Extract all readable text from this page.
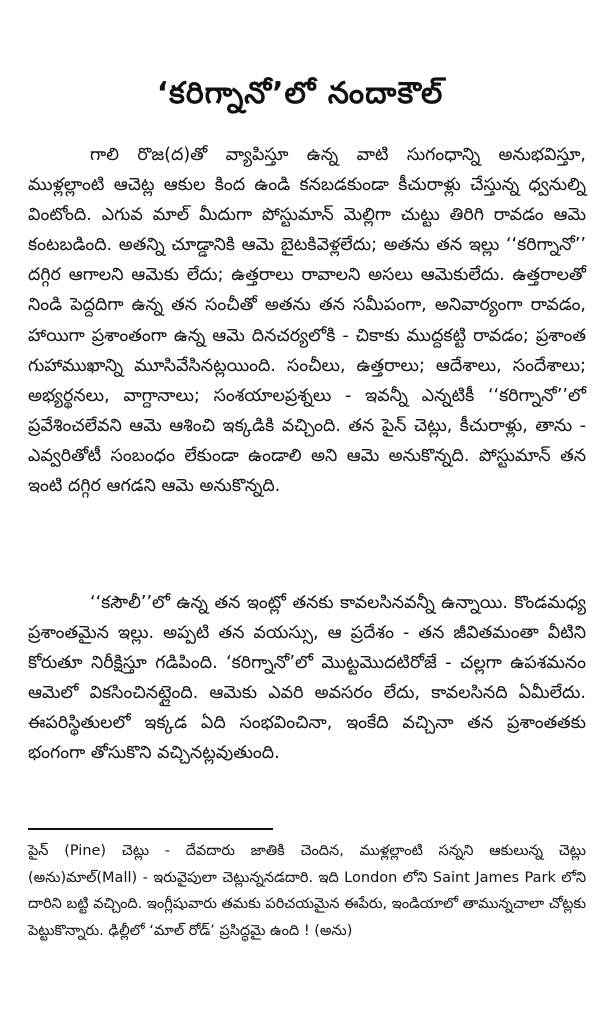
‘కరిగ్నానో’లో నందాకౌల్

గాలి రొజ(ద)తో వ్యాపిస్తూ ఉన్న వాటి సుగంధాన్ని అనుభవిస్తూ, ముళ్లల్లాంటి ఆచెట్ల ఆకుల కింద ఉండి కనబడకుండా కీచురాళ్లు చేస్తున్న ధ్వనుల్ని వింటోంది. ఎగువ మాల్ మీదుగా పోస్టుమాన్ మెల్లిగా చుట్టు తిరిగి రావడం ఆమె కంటబడింది. అతన్ని చూడ్డానికి ఆమె బైటకివెళ్లలేదు; అతను తన ఇల్లు ‘‘కరిగ్నానో’’ దగ్గిర ఆగాలని ఆమెకు లేదు; ఉత్తరాలు రావాలని అసలు ఆమెకులేదు. ఉత్తరాలతో నిండి పెద్దదిగా ఉన్న తన సంచీతో అతను తన సమీపంగా, అనివార్యంగా రావడం, హాయిగా ప్రశాంతంగా ఉన్న ఆమె దినచర్యలోకి - చికాకు ముద్దకట్టి రావడం; ప్రశాంత గుహాముఖాన్ని మూసివేసినట్లయింది. సంచీలు, ఉత్తరాలు; ఆదేశాలు, సందేశాలు; అభ్యర్థనలు, వాగ్దానాలు; సంశయాలప్రశ్నలు - ఇవన్నీ ఎన్నటికీ ‘‘కరిగ్నానో’’లో ప్రవేశించలేవని ఆమె ఆశించి ఇక్కడికి వచ్చింది. తన పైన్ చెట్లు, కీచురాళ్లు, తాను - ఎవ్వరితోటీ సంబంధం లేకుండా ఉండాలి అని ఆమె అనుకొన్నది. పోస్టుమాన్ తన ఇంటి దగ్గిర ఆగడని ఆమె అనుకొన్నది.

‘‘కసౌలీ’’లో ఉన్న తన ఇంట్లో తనకు కావలసినవన్నీ ఉన్నాయి. కొండమధ్య ప్రశాంతమైన ఇల్లు. అప్పటి తన వయస్సు, ఆ ప్రదేశం - తన జీవితమంతా వీటిని కోరుతూ నిరీక్షిస్తూ గడిపింది. ‘కరిగ్నానో’లో మొట్టమొదటిరోజే - చల్లగా ఉపశమనం ఆమెలో వికసించినట్లైంది. ఆమెకు ఎవరి అవసరం లేదు, కావలసినది ఏమీలేదు. ఈపరిస్థితులలో ఇక్కడ ఏది సంభవించినా, ఇంకేది వచ్చినా తన ప్రశాంతతకు భంగంగా తోసుకొని వచ్చినట్లవుతుంది.

పైన్ (Pine) చెట్లు - దేవదారు జాతికి చెందిన, ముళ్లల్లాంటి సన్నని ఆకులున్న చెట్లు (అను)మాల్(Mall) - ఇరువైపులా చెట్లున్ననడదారి. ఇది London లోని Saint James Park లోని దారిని బట్టి వచ్చింది. ఇంగ్లీషువారు తమకు పరిచయమైన ఈపేరు, ఇండియాలో తామున్నచాలా చోట్లకు పెట్టుకొన్నారు. ఢిల్లీలో ‘మాల్ రోడ్’ ప్రసిద్ధమై ఉంది ! (అను)
